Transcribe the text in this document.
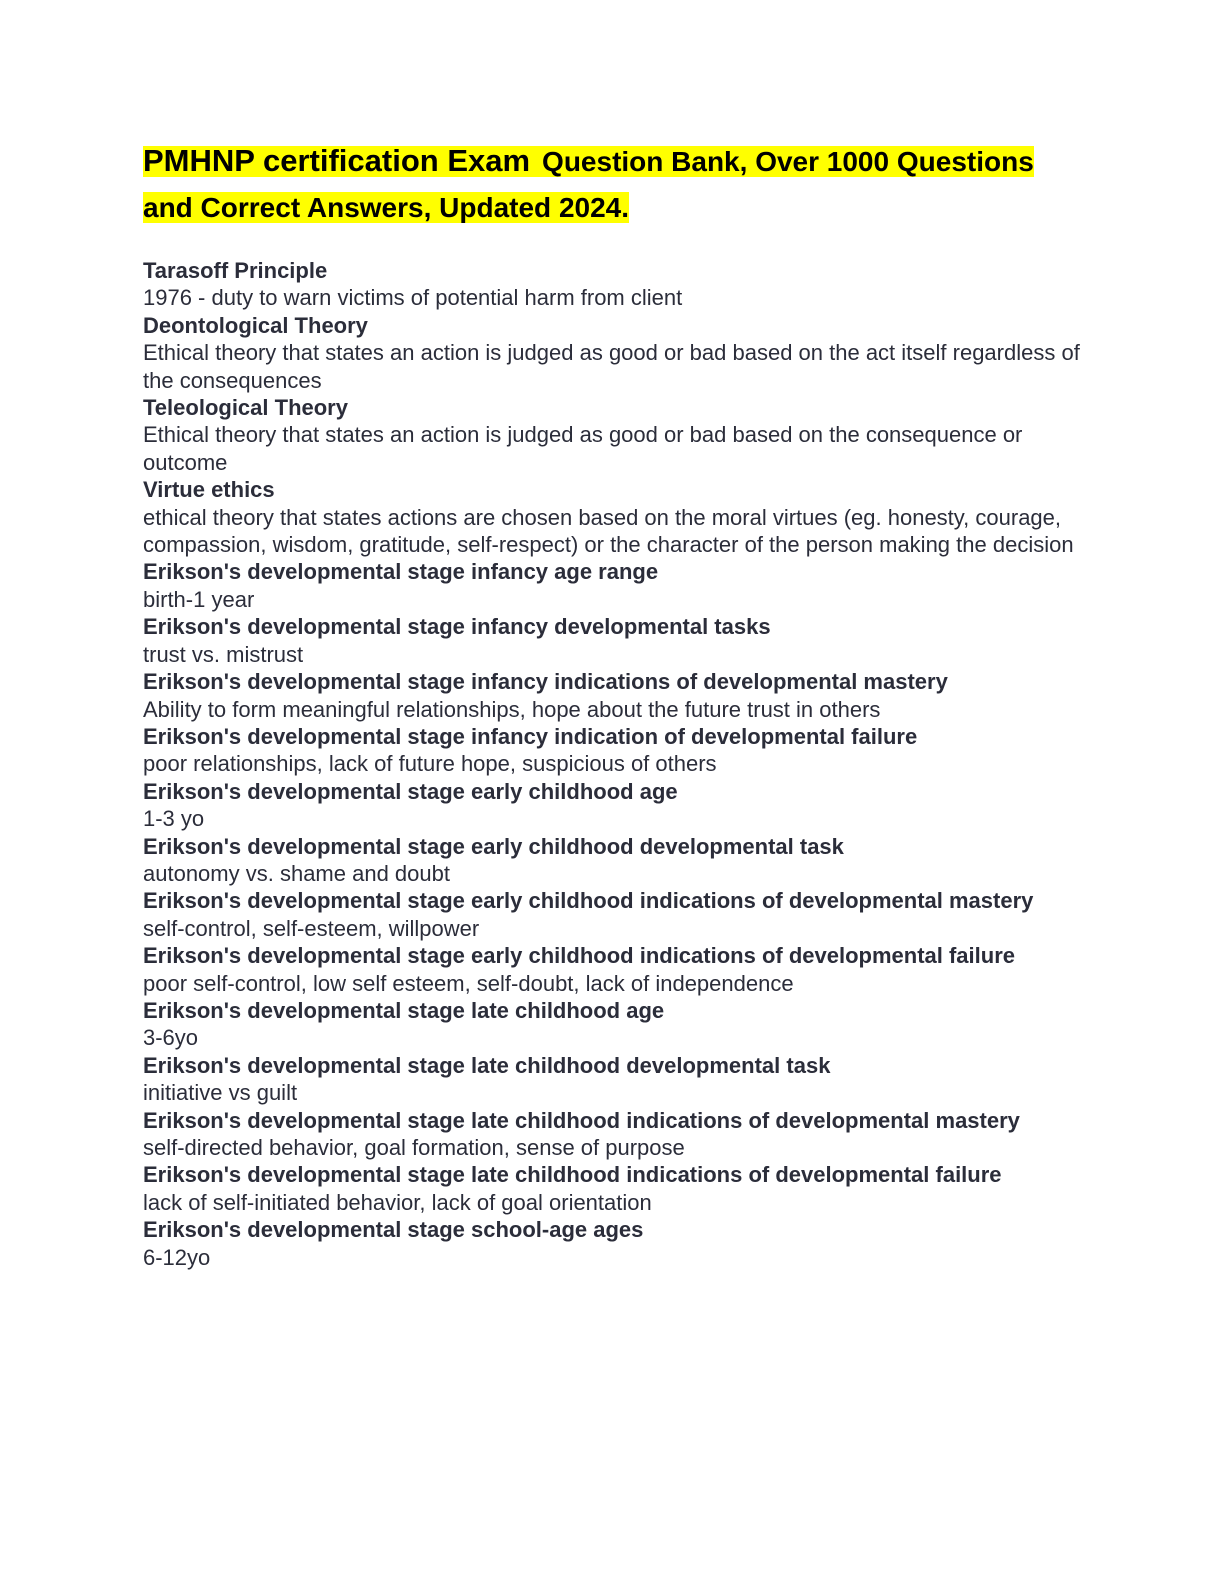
PMHNP certification Exam Question Bank, Over 1000 Questions and Correct Answers, Updated 2024.

Tarasoff Principle

1976 - duty to warn victims of potential harm from client

Deontological Theory

Ethical theory that states an action is judged as good or bad based on the act itself regardless of the consequences

Teleological Theory

Ethical theory that states an action is judged as good or bad based on the consequence or outcome

Virtue ethics

ethical theory that states actions are chosen based on the moral virtues (eg. honesty, courage, compassion, wisdom, gratitude, self-respect) or the character of the person making the decision

Erikson's developmental stage infancy age range

birth-1 year

Erikson's developmental stage infancy developmental tasks

trust vs. mistrust

Erikson's developmental stage infancy indications of developmental mastery

Ability to form meaningful relationships, hope about the future trust in others

Erikson's developmental stage infancy indication of developmental failure

poor relationships, lack of future hope, suspicious of others

Erikson's developmental stage early childhood age

1-3 yo

Erikson's developmental stage early childhood developmental task

autonomy vs. shame and doubt

Erikson's developmental stage early childhood indications of developmental mastery

self-control, self-esteem, willpower

Erikson's developmental stage early childhood indications of developmental failure

poor self-control, low self esteem, self-doubt, lack of independence

Erikson's developmental stage late childhood age

3-6yo

Erikson's developmental stage late childhood developmental task

initiative vs guilt

Erikson's developmental stage late childhood indications of developmental mastery

self-directed behavior, goal formation, sense of purpose

Erikson's developmental stage late childhood indications of developmental failure

lack of self-initiated behavior, lack of goal orientation

Erikson's developmental stage school-age ages

6-12yo
